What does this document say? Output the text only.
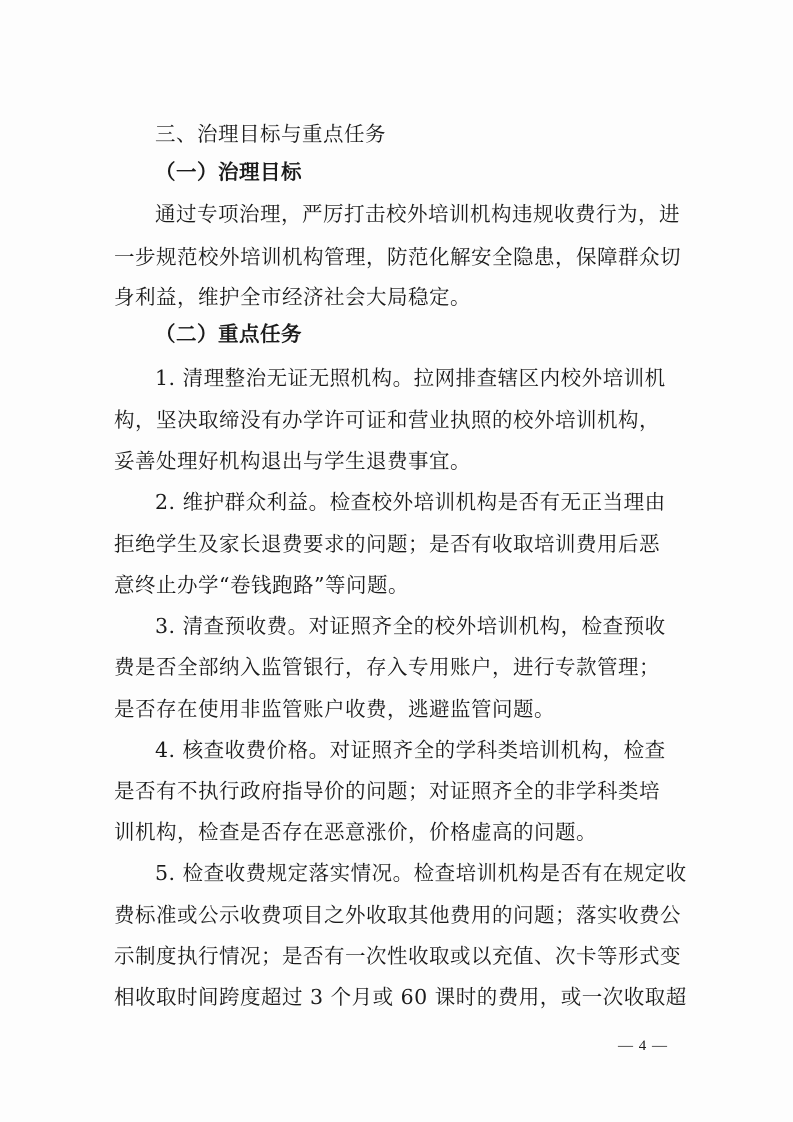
三、治理目标与重点任务
（一）治理目标
通过专项治理，严厉打击校外培训机构违规收费行为，进
一步规范校外培训机构管理，防范化解安全隐患，保障群众切
身利益，维护全市经济社会大局稳定。
（二）重点任务
1. 清理整治无证无照机构。拉网排查辖区内校外培训机
构，坚决取缔没有办学许可证和营业执照的校外培训机构，
妥善处理好机构退出与学生退费事宜。
2. 维护群众利益。检查校外培训机构是否有无正当理由
拒绝学生及家长退费要求的问题；是否有收取培训费用后恶
意终止办学“卷钱跑路”等问题。
3. 清查预收费。对证照齐全的校外培训机构，检查预收
费是否全部纳入监管银行，存入专用账户，进行专款管理；
是否存在使用非监管账户收费，逃避监管问题。
4. 核查收费价格。对证照齐全的学科类培训机构，检查
是否有不执行政府指导价的问题；对证照齐全的非学科类培
训机构，检查是否存在恶意涨价，价格虚高的问题。
5. 检查收费规定落实情况。检查培训机构是否有在规定收
费标准或公示收费项目之外收取其他费用的问题；落实收费公
示制度执行情况；是否有一次性收取或以充值、次卡等形式变
相收取时间跨度超过 3 个月或 60 课时的费用，或一次收取超
— 4 —
